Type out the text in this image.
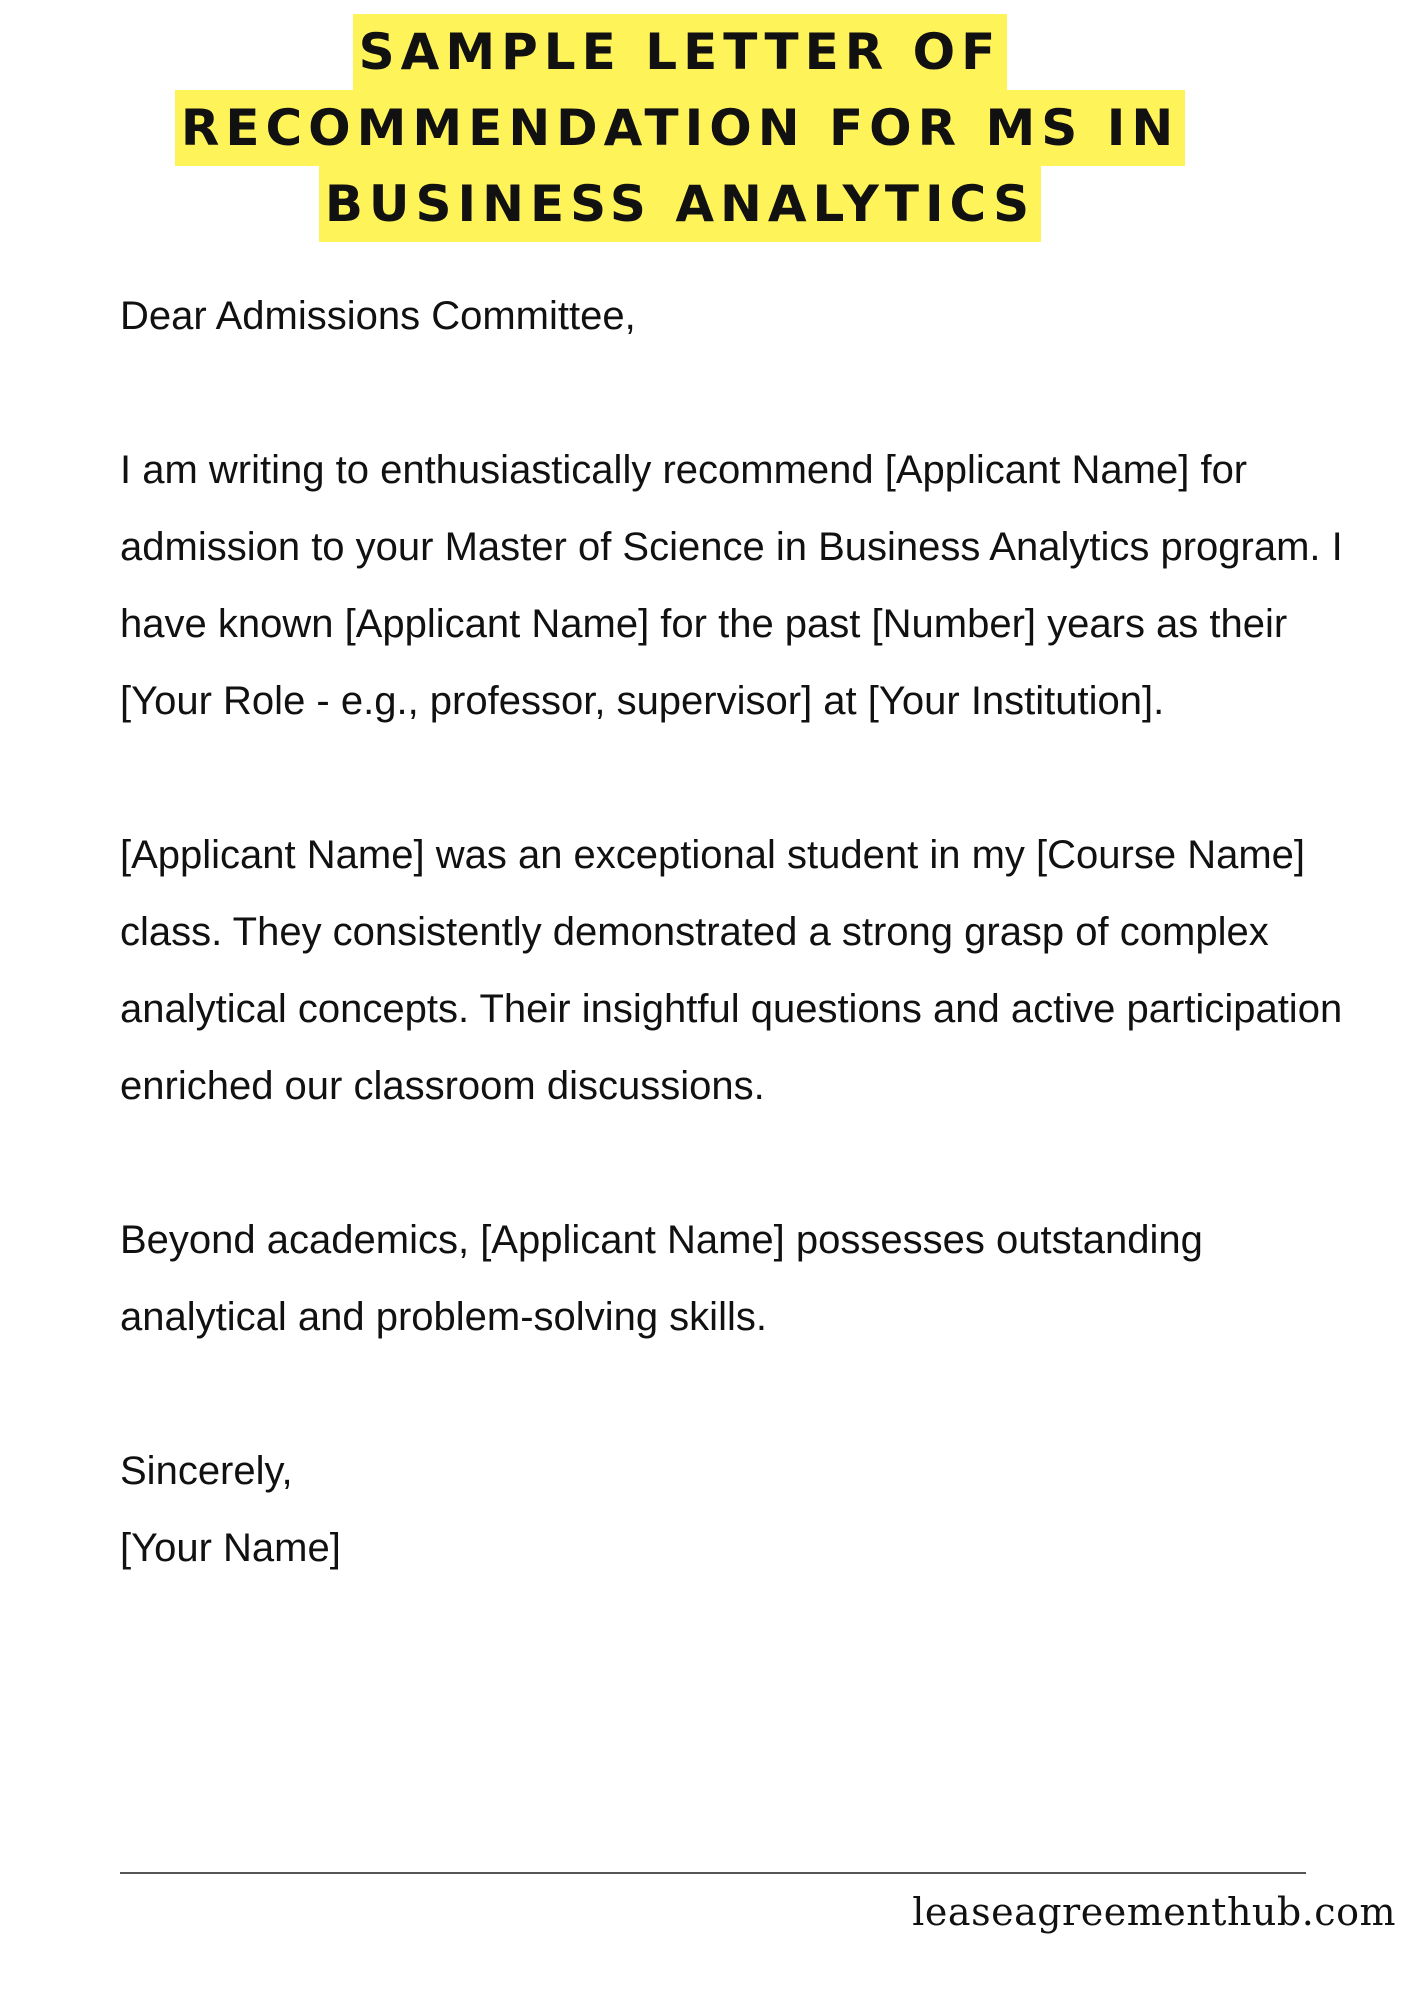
SAMPLE LETTER OF
RECOMMENDATION FOR MS IN
BUSINESS ANALYTICS

Dear Admissions Committee,

I am writing to enthusiastically recommend [Applicant Name] for admission to your Master of Science in Business Analytics program. I have known [Applicant Name] for the past [Number] years as their [Your Role - e.g., professor, supervisor] at [Your Institution].

[Applicant Name] was an exceptional student in my [Course Name] class. They consistently demonstrated a strong grasp of complex analytical concepts. Their insightful questions and active participation enriched our classroom discussions.

Beyond academics, [Applicant Name] possesses outstanding analytical and problem-solving skills.

Sincerely,

[Your Name]

leaseagreementhub.com
